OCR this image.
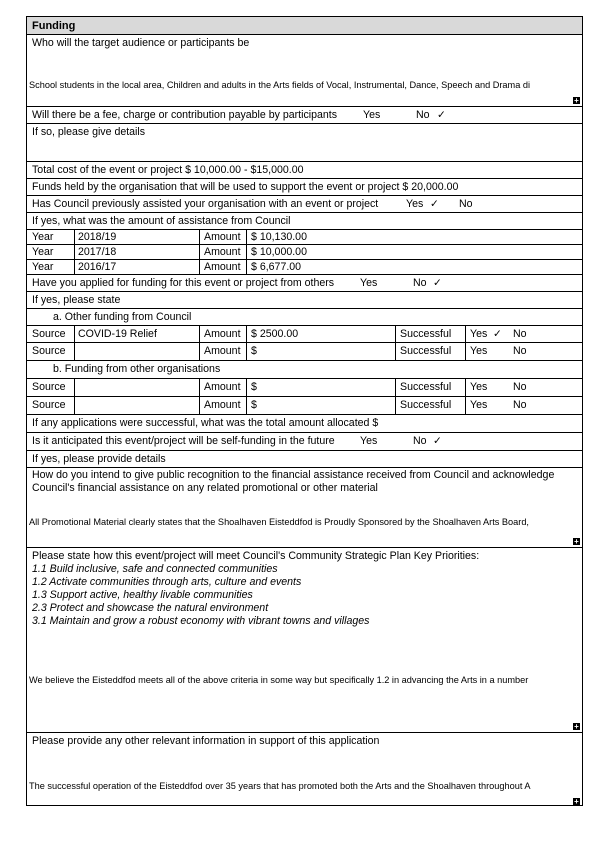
Funding
Who will the target audience or participants be
School students in the local area, Children and adults in the Arts fields of Vocal, Instrumental, Dance, Speech and Drama di
+
Will there be a fee, charge or contribution payable by participants Yes	No ✓
If so, please give details
Total cost of the event or project $ 10,000.00 - $15,000.00
Funds held by the organisation that will be used to support the event or project $ 20,000.00
Has Council previously assisted your organisation with an event or project	Yes ✓ No
If yes, what was the amount of assistance from Council
Year 2018/19	Amount $ 10,130.00
Year 2017/18	Amount $ 10,000.00
Year 2016/17	Amount $ 6,677.00
Have you applied for funding for this event or project from others Yes	No ✓
If yes, please state
a. Other funding from Council
Source COVID-19 Relief	Amount $ 2500.00	Successful Yes ✓ No
Source	Amount $	Successful Yes No
b. Funding from other organisations
Source	Amount $	Successful Yes No
Source	Amount $	Successful Yes No
If any applications were successful, what was the total amount allocated $
Is it anticipated this event/project will be self-funding in the future Yes	No ✓
If yes, please provide details
How do you intend to give public recognition to the financial assistance received from Council and acknowledge Council's financial assistance on any related promotional or other material
All Promotional Material clearly states that the Shoalhaven Eisteddfod is Proudly Sponsored by the Shoalhaven Arts Board,
+
Please state how this event/project will meet Council's Community Strategic Plan Key Priorities:
1.1 Build inclusive, safe and connected communities
1.2 Activate communities through arts, culture and events
1.3 Support active, healthy livable communities
2.3 Protect and showcase the natural environment
3.1 Maintain and grow a robust economy with vibrant towns and villages
We believe the Eisteddfod meets all of the above criteria in some way but specifically 1.2 in advancing the Arts in a number
+
Please provide any other relevant information in support of this application
The successful operation of the Eisteddfod over 35 years that has promoted both the Arts and the Shoalhaven throughout A
+
